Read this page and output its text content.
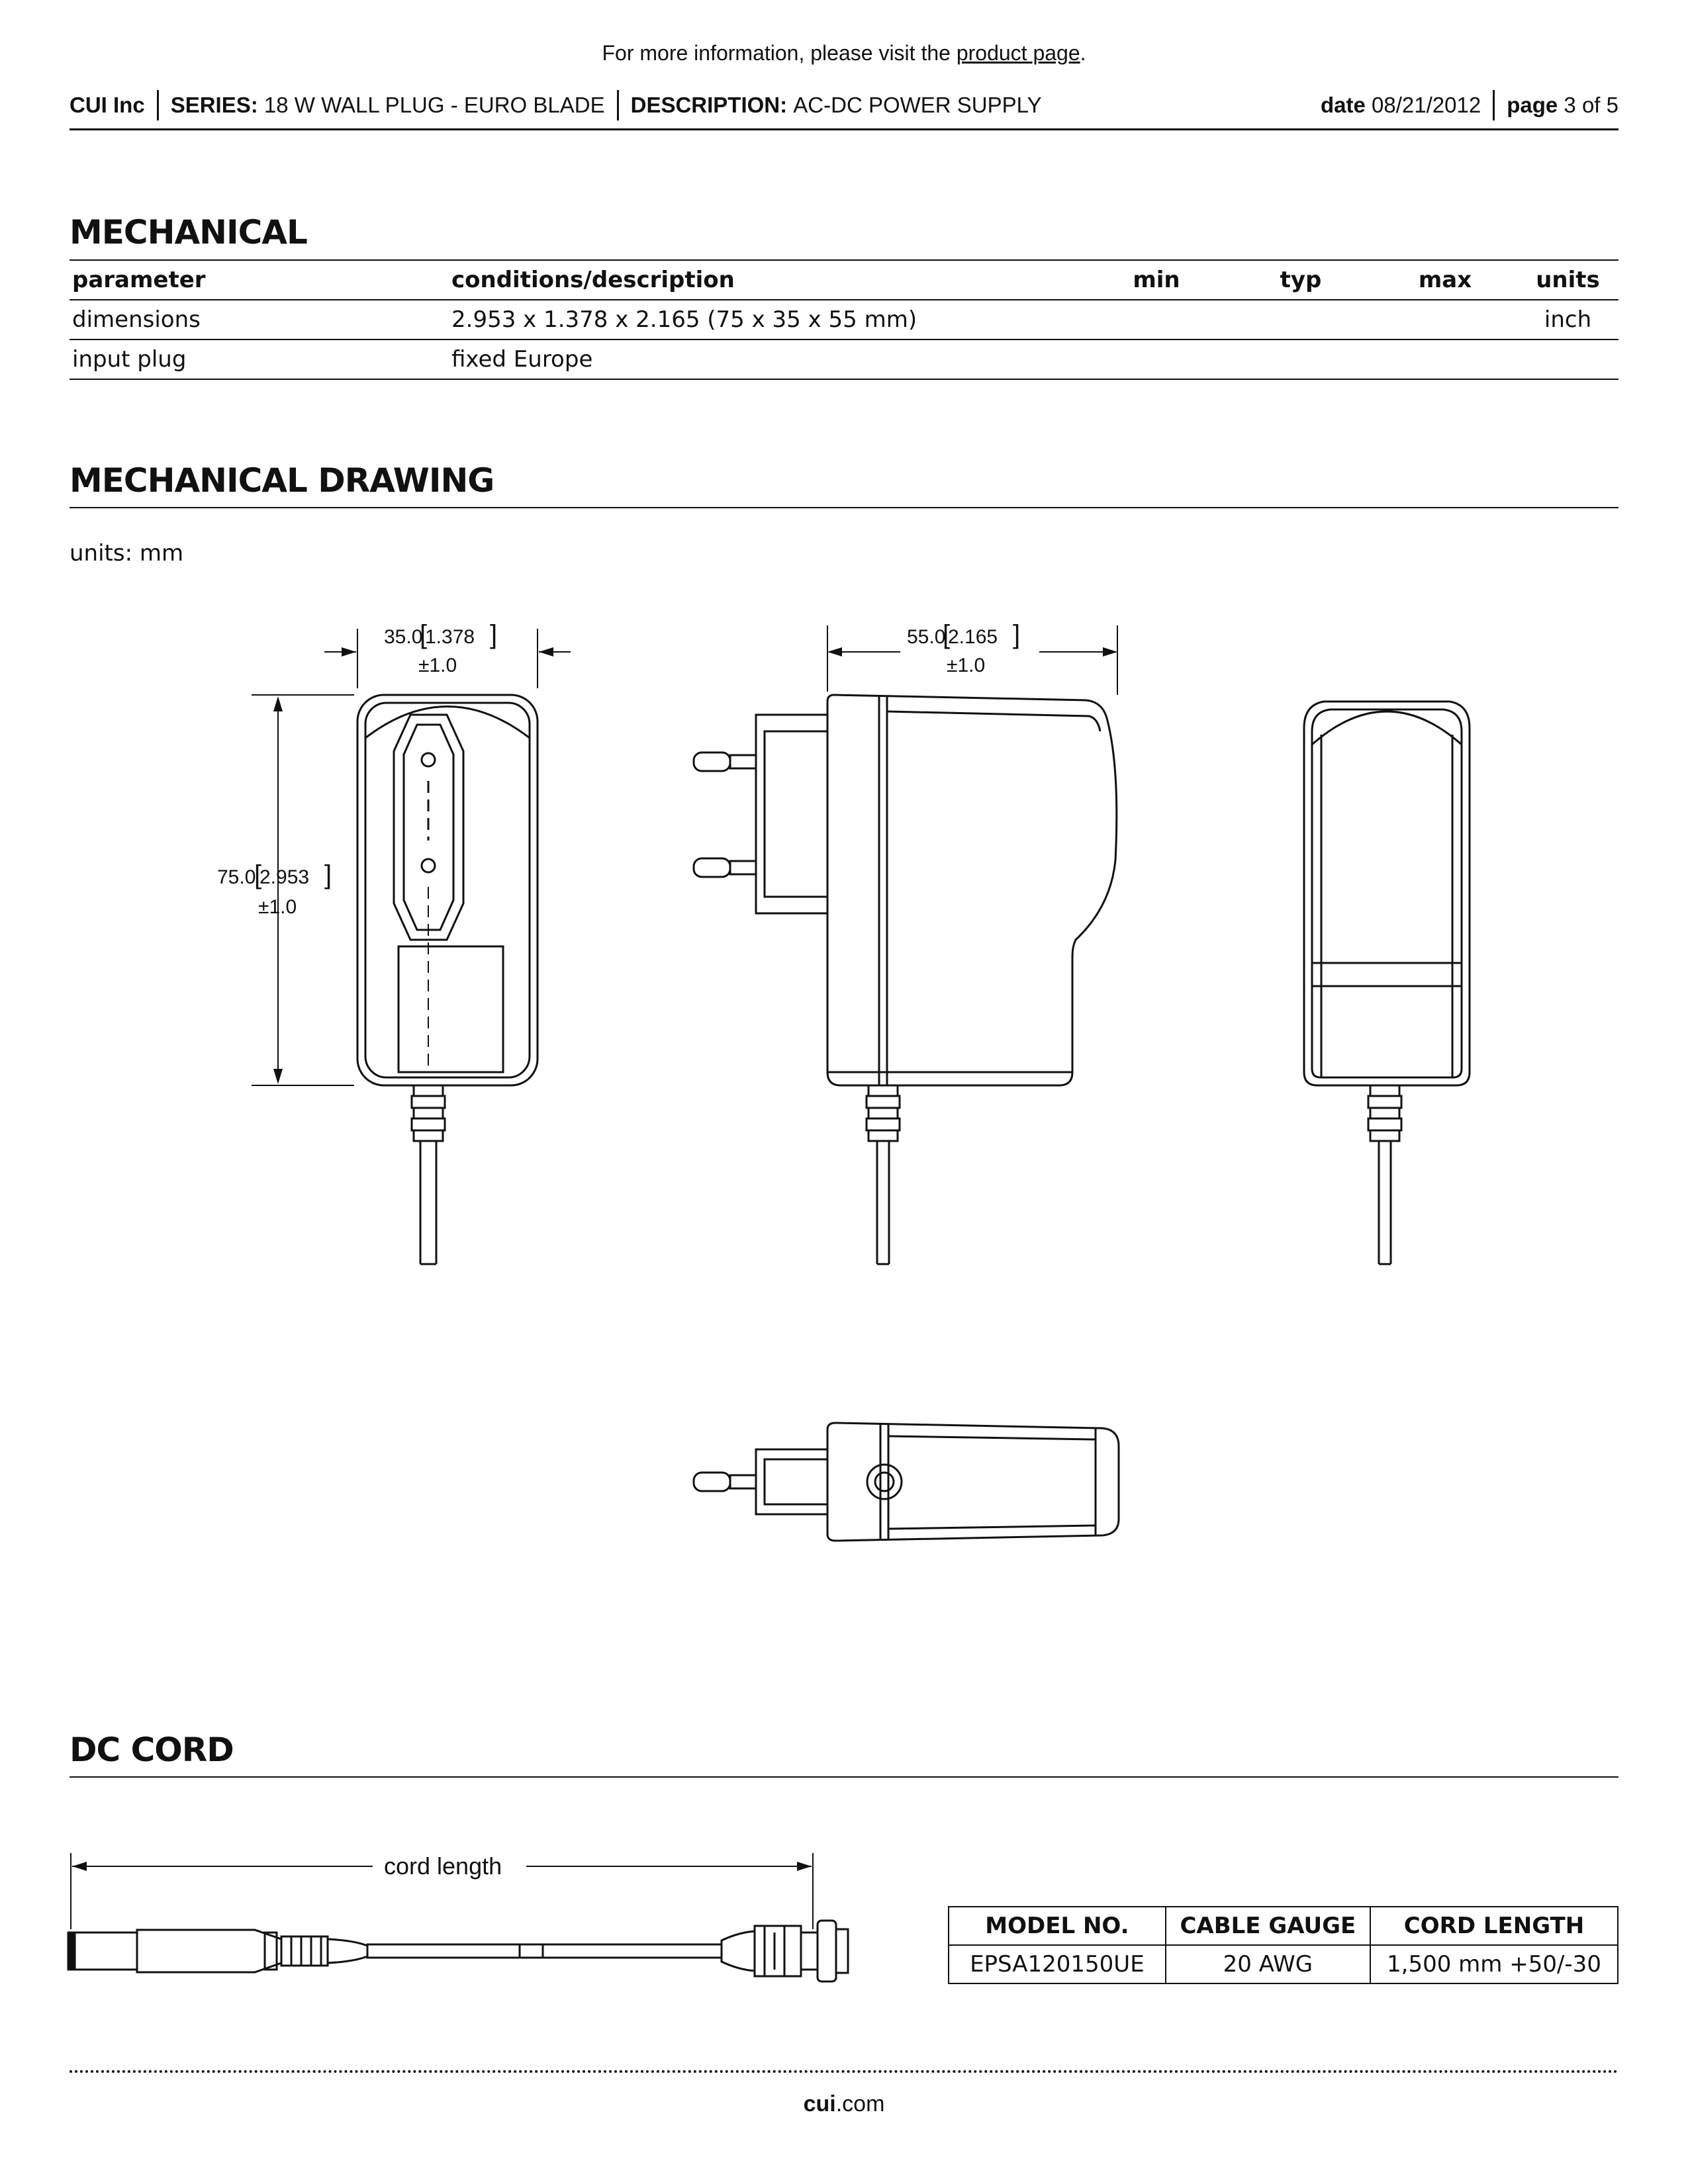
For more information, please visit the product page.
CUI Inc SERIES:
18 W WALL PLUG - EURO BLADE DESCRIPTION:
AC-DC POWER SUPPLY	date
08/21/2012 page
3 of 5
MECHANICAL
parameter	conditions/description	min	typ	max	units
dimensions	2.953 x 1.378 x 2.165 (75 x 35 x 55 mm)				inch
input plug	fixed Europe				
MECHANICAL DRAWING
units: mm
35.0 1.378
[ ]
±1.0
55.0 2.165
[ ]
±1.0
75.0 2.953
[ ]
±1.0
DC CORD
cord length
MODEL NO.	CABLE GAUGE	CORD LENGTH
EPSA120150UE	20 AWG	1,500 mm +50/-30
cui.com
